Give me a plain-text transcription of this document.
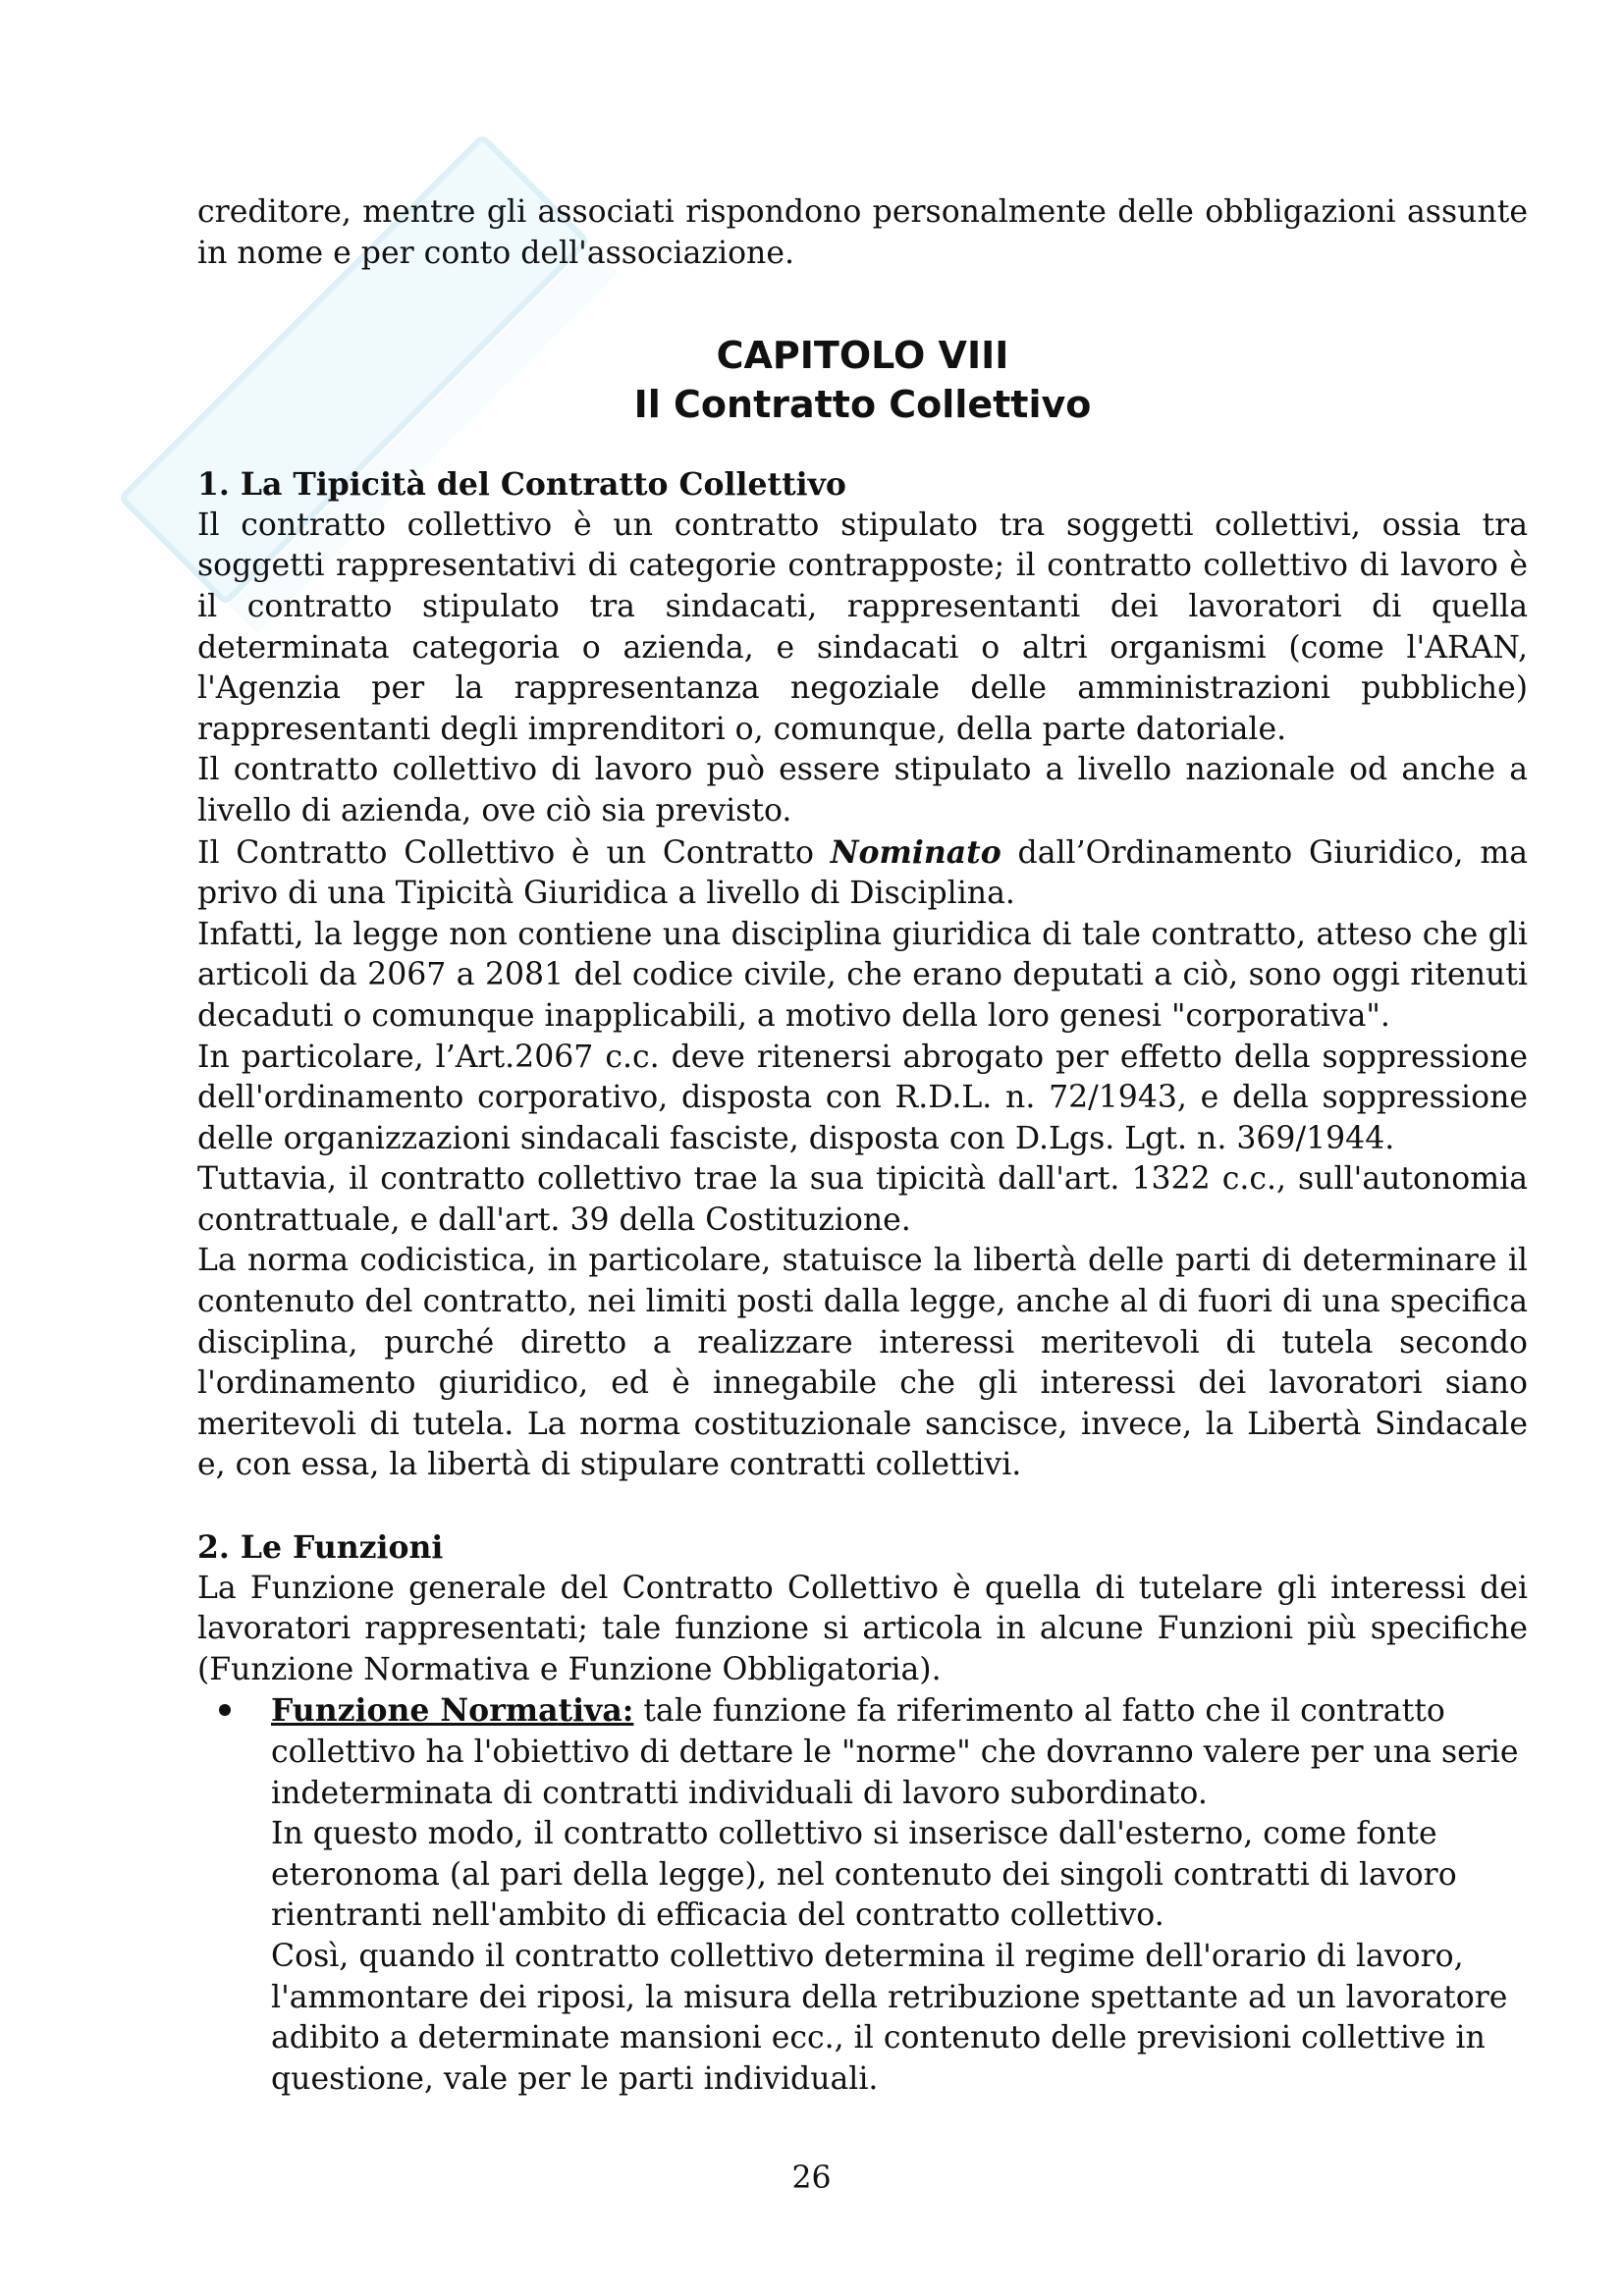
creditore, mentre gli associati rispondono personalmente delle obbligazioni assunte in nome e per conto dell'associazione.

CAPITOLO VIII
Il Contratto Collettivo
1. La Tipicità del Contratto Collettivo

Il contratto collettivo è un contratto stipulato tra soggetti collettivi, ossia tra soggetti rappresentativi di categorie contrapposte; il contratto collettivo di lavoro è il contratto stipulato tra sindacati, rappresentanti dei lavoratori di quella determinata categoria o azienda, e sindacati o altri organismi (come l'ARAN, l'Agenzia per la rappresentanza negoziale delle amministrazioni pubbliche) rappresentanti degli imprenditori o, comunque, della parte datoriale.

Il contratto collettivo di lavoro può essere stipulato a livello nazionale od anche a livello di azienda, ove ciò sia previsto.

Il Contratto Collettivo è un Contratto Nominato dall’Ordinamento Giuridico, ma privo di una Tipicità Giuridica a livello di Disciplina.

Infatti, la legge non contiene una disciplina giuridica di tale contratto, atteso che gli articoli da 2067 a 2081 del codice civile, che erano deputati a ciò, sono oggi ritenuti decaduti o comunque inapplicabili, a motivo della loro genesi "corporativa".

In particolare, l’Art.2067 c.c. deve ritenersi abrogato per effetto della soppressione dell'ordinamento corporativo, disposta con R.D.L. n. 72/1943, e della soppressione delle organizzazioni sindacali fasciste, disposta con D.Lgs. Lgt. n. 369/1944.

Tuttavia, il contratto collettivo trae la sua tipicità dall'art. 1322 c.c., sull'autonomia contrattuale, e dall'art. 39 della Costituzione.

La norma codicistica, in particolare, statuisce la libertà delle parti di determinare il contenuto del contratto, nei limiti posti dalla legge, anche al di fuori di una specifica disciplina, purché diretto a realizzare interessi meritevoli di tutela secondo l'ordinamento giuridico, ed è innegabile che gli interessi dei lavoratori siano meritevoli di tutela. La norma costituzionale sancisce, invece, la Libertà Sindacale e, con essa, la libertà di stipulare contratti collettivi.

2. Le Funzioni

La Funzione generale del Contratto Collettivo è quella di tutelare gli interessi dei lavoratori rappresentati; tale funzione si articola in alcune Funzioni più specifiche (Funzione Normativa e Funzione Obbligatoria).

Funzione Normativa: tale funzione fa riferimento al fatto che il contratto collettivo ha l'obiettivo di dettare le "norme" che dovranno valere per una serie indeterminata di contratti individuali di lavoro subordinato.

In questo modo, il contratto collettivo si inserisce dall'esterno, come fonte eteronoma (al pari della legge), nel contenuto dei singoli contratti di lavoro rientranti nell'ambito di efficacia del contratto collettivo.

Così, quando il contratto collettivo determina il regime dell'orario di lavoro, l'ammontare dei riposi, la misura della retribuzione spettante ad un lavoratore adibito a determinate mansioni ecc., il contenuto delle previsioni collettive in questione, vale per le parti individuali.

26
